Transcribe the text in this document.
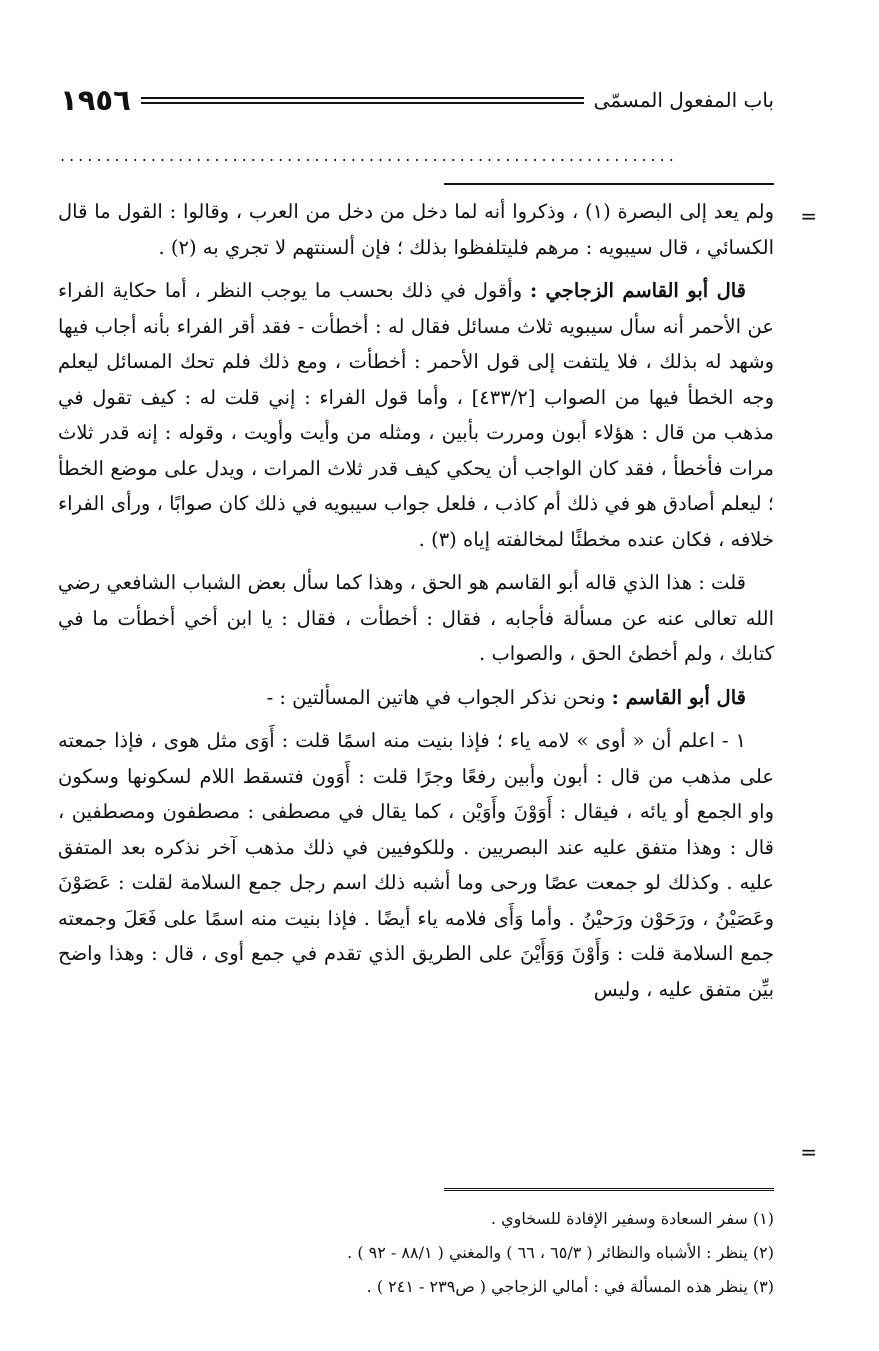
باب المفعول المسمّى
١٩٥٦
....................................................................
=
=

ولم يعد إلى البصرة (١) ، وذكروا أنه لما دخل من دخل من العرب ، وقالوا : القول ما قال الكسائي ، قال سيبويه : مرهم فليتلفظوا بذلك ؛ فإن ألسنتهم لا تجري به (٢) .

قال أبو القاسم الزجاجي : وأقول في ذلك بحسب ما يوجب النظر ، أما حكاية الفراء عن الأحمر أنه سأل سيبويه ثلاث مسائل فقال له : أخطأت - فقد أقر الفراء بأنه أجاب فيها وشهد له بذلك ، فلا يلتفت إلى قول الأحمر : أخطأت ، ومع ذلك فلم تحك المسائل ليعلم وجه الخطأ فيها من الصواب [٤٣٣/٢] ، وأما قول الفراء : إني قلت له : كيف تقول في مذهب من قال : هؤلاء أبون ومررت بأبين ، ومثله من وأيت وأويت ، وقوله : إنه قدر ثلاث مرات فأخطأ ، فقد كان الواجب أن يحكي كيف قدر ثلاث المرات ، ويدل على موضع الخطأ ؛ ليعلم أصادق هو في ذلك أم كاذب ، فلعل جواب سيبويه في ذلك كان صوابًا ، ورأى الفراء خلافه ، فكان عنده مخطئًا لمخالفته إياه (٣) .

قلت : هذا الذي قاله أبو القاسم هو الحق ، وهذا كما سأل بعض الشباب الشافعي رضي الله تعالى عنه عن مسألة فأجابه ، فقال : أخطأت ، فقال : يا ابن أخي أخطأت ما في كتابك ، ولم أخطئ الحق ، والصواب .

قال أبو القاسم : ونحن نذكر الجواب في هاتين المسألتين : -

١ - اعلم أن « أوى » لامه ياء ؛ فإذا بنيت منه اسمًا قلت : أَوَى مثل هوى ، فإذا جمعته على مذهب من قال : أبون وأبين رفعًا وجرًا قلت : أَوَون فتسقط اللام لسكونها وسكون واو الجمع أو يائه ، فيقال : أَوَوْنَ وأَوَيْن ، كما يقال في مصطفى : مصطفون ومصطفين ، قال : وهذا متفق عليه عند البصريين . وللكوفيين في ذلك مذهب آخر نذكره بعد المتفق عليه . وكذلك لو جمعت عصًا ورحى وما أشبه ذلك اسم رجل جمع السلامة لقلت : عَصَوْنَ وعَصَيْنُ ، ورَحَوْن ورَحيْنُ . وأما وَأَى فلامه ياء أيضًا . فإذا بنيت منه اسمًا على فَعَلَ وجمعته جمع السلامة قلت : وَأَوْنَ وَوَأَيْنَ على الطريق الذي تقدم في جمع أوى ، قال : وهذا واضح بيِّن متفق عليه ، وليس

(١) سفر السعادة وسفير الإفادة للسخاوي .

(٢) ينظر : الأشباه والنظائر ( ٦٥/٣ ، ٦٦ ) والمغني ( ٨٨/١ - ٩٢ ) .

(٣) ينظر هذه المسألة في : أمالي الزجاجي ( ص٢٣٩ - ٢٤١ ) .
